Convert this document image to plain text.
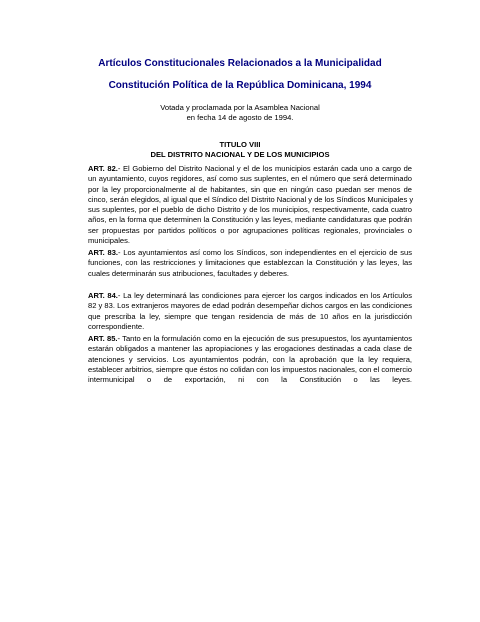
Artículos Constitucionales Relacionados a la Municipalidad
Constitución Política de la República Dominicana, 1994
Votada y proclamada por la Asamblea Nacional
en fecha 14 de agosto de 1994.
TITULO VIII
DEL DISTRITO NACIONAL Y DE LOS MUNICIPIOS
ART. 82.- El Gobierno del Distrito Nacional y el de los municipios estarán cada uno a cargo de
un ayuntamiento, cuyos regidores, así como sus suplentes, en el número que será determinado
por la ley proporcionalmente al de habitantes, sin que en ningún caso puedan ser menos de
cinco, serán elegidos, al igual que el Síndico del Distrito Nacional y de los Síndicos Municipales y
sus suplentes, por el pueblo de dicho Distrito y de los municipios, respectivamente, cada cuatro
años, en la forma que determinen la Constitución y las leyes, mediante candidaturas que podrán
ser propuestas por partidos políticos o por agrupaciones políticas regionales, provinciales o
municipales.
ART. 83.- Los ayuntamientos así como los Síndicos, son independientes en el ejercicio de sus
funciones, con las restricciones y limitaciones que establezcan la Constitución y las leyes, las
cuales determinarán sus atribuciones, facultades y deberes.
ART. 84.- La ley determinará las condiciones para ejercer los cargos indicados en los Artículos
82 y 83. Los extranjeros mayores de edad podrán desempeñar dichos cargos en las condiciones
que prescriba la ley, siempre que tengan residencia de más de 10 años en la jurisdicción
correspondiente.
ART. 85.- Tanto en la formulación como en la ejecución de sus presupuestos, los ayuntamientos
estarán obligados a mantener las apropiaciones y las erogaciones destinadas a cada clase de
atenciones y servicios. Los ayuntamientos podrán, con la aprobación que la ley requiera,
establecer arbitrios, siempre que éstos no colidan con los impuestos nacionales, con el comercio
intermunicipal o de exportación, ni con la Constitución o las leyes.
